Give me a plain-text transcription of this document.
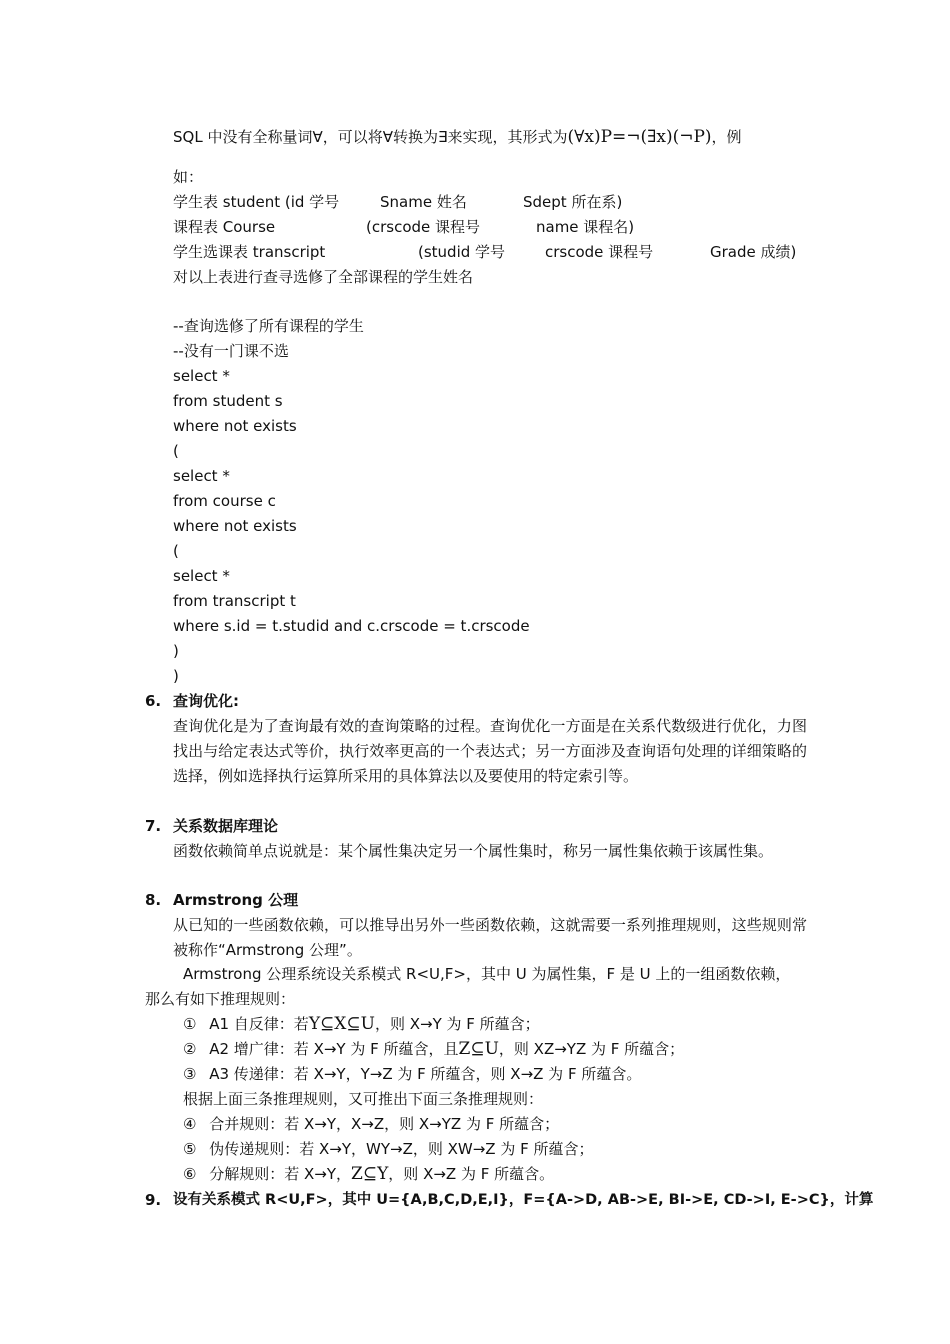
SQL 中没有全称量词∀，可以将∀转换为∃来实现，其形式为(∀x)P=¬(∃x)(¬P)，例
如：
学生表 student (id 学号	Sname 姓名	Sdept 所在系)
课程表 Course	(crscode 课程号	name 课程名)
学生选课表 transcript	(studid 学号	crscode 课程号	Grade 成绩)
对以上表进行查寻选修了全部课程的学生姓名
--查询选修了所有课程的学生
--没有一门课不选
select *
from student s
where not exists
(
select *
from course c
where not exists
(
select *
from transcript t
where s.id = t.studid and c.crscode = t.crscode
)
)
6. 查询优化:
查询优化是为了查询最有效的查询策略的过程。查询优化一方面是在关系代数级进行优化，力图找出与给定表达式等价，执行效率更高的一个表达式；另一方面涉及查询语句处理的详细策略的选择，例如选择执行运算所采用的具体算法以及要使用的特定索引等。
7. 关系数据库理论
函数依赖简单点说就是：某个属性集决定另一个属性集时，称另一属性集依赖于该属性集。
8. Armstrong 公理
从已知的一些函数依赖，可以推导出另外一些函数依赖，这就需要一系列推理规则，这些规则常被称作“Armstrong 公理”。
Armstrong 公理系统设关系模式 R<U,F>，其中 U 为属性集，F 是 U 上的一组函数依赖，
那么有如下推理规则：
① A1 自反律：若Y⊆X⊆U，则 X→Y 为 F 所蕴含；
② A2 增广律：若 X→Y 为 F 所蕴含，且Z⊆U，则 XZ→YZ 为 F 所蕴含；
③ A3 传递律：若 X→Y，Y→Z 为 F 所蕴含，则 X→Z 为 F 所蕴含。
根据上面三条推理规则，又可推出下面三条推理规则：
④ 合并规则：若 X→Y，X→Z，则 X→YZ 为 F 所蕴含；
⑤ 伪传递规则：若 X→Y，WY→Z，则 XW→Z 为 F 所蕴含；
⑥ 分解规则：若 X→Y，Z⊆Y，则 X→Z 为 F 所蕴含。
9. 设有关系模式 R<U,F>，其中 U={A,B,C,D,E,I}，F={A->D, AB->E, BI->E, CD->I, E->C}，计算
